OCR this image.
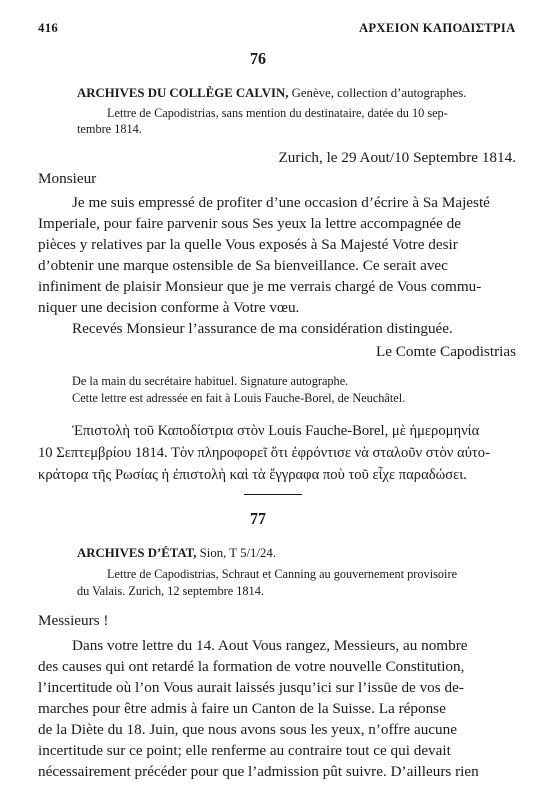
416	ΑΡΧΕΙΟΝ ΚΑΠΟΔΙΣΤΡΙΑ
76
ARCHIVES DU COLLÈGE CALVIN, Genève, collection d’autographes.
Lettre de Capodistrias, sans mention du destinataire, datée du 10 sep-
tembre 1814.
Zurich, le 29 Aout/10 Septembre 1814.
Monsieur
Je me suis empressé de profiter d’une occasion d’écrire à Sa Majesté
Imperiale, pour faire parvenir sous Ses yeux la lettre accompagnée de
pièces y relatives par la quelle Vous exposés à Sa Majesté Votre desir
d’obtenir une marque ostensible de Sa bienveillance. Ce serait avec
infiniment de plaisir Monsieur que je me verrais chargé de Vous commu-
niquer une decision conforme à Votre vœu.
Recevés Monsieur l’assurance de ma considération distinguée.
Le Comte Capodistrias
De la main du secrétaire habituel. Signature autographe.
Cette lettre est adressée en fait à Louis Fauche-Borel, de Neuchâtel.
Ἐπιστολὴ τοῦ Καποδίστρια στὸν Louis Fauche-Borel, μὲ ἡμερομηνία
10 Σεπτεμβρίου 1814. Τὸν πληροφορεῖ ὅτι ἐφρόντισε νὰ σταλοῦν στὸν αὐτο-
κράτορα τῆς Ρωσίας ἡ ἐπιστολὴ καὶ τὰ ἔγγραφα ποὺ τοῦ εἶχε παραδώσει.
77
ARCHIVES D’ÉTAT, Sion, T 5/1/24.
Lettre de Capodistrias, Schraut et Canning au gouvernement provisoire
du Valais. Zurich, 12 septembre 1814.
Messieurs !
Dans votre lettre du 14. Aout Vous rangez, Messieurs, au nombre
des causes qui ont retardé la formation de votre nouvelle Constitution,
l’incertitude où l’on Vous aurait laissés jusqu’ici sur l’issūe de vos de-
marches pour être admis à faire un Canton de la Suisse. La réponse
de la Diète du 18. Juin, que nous avons sous les yeux, n’offre aucune
incertitude sur ce point; elle renferme au contraire tout ce qui devait
nécessairement précéder pour que l’admission pût suivre. D’ailleurs rien
